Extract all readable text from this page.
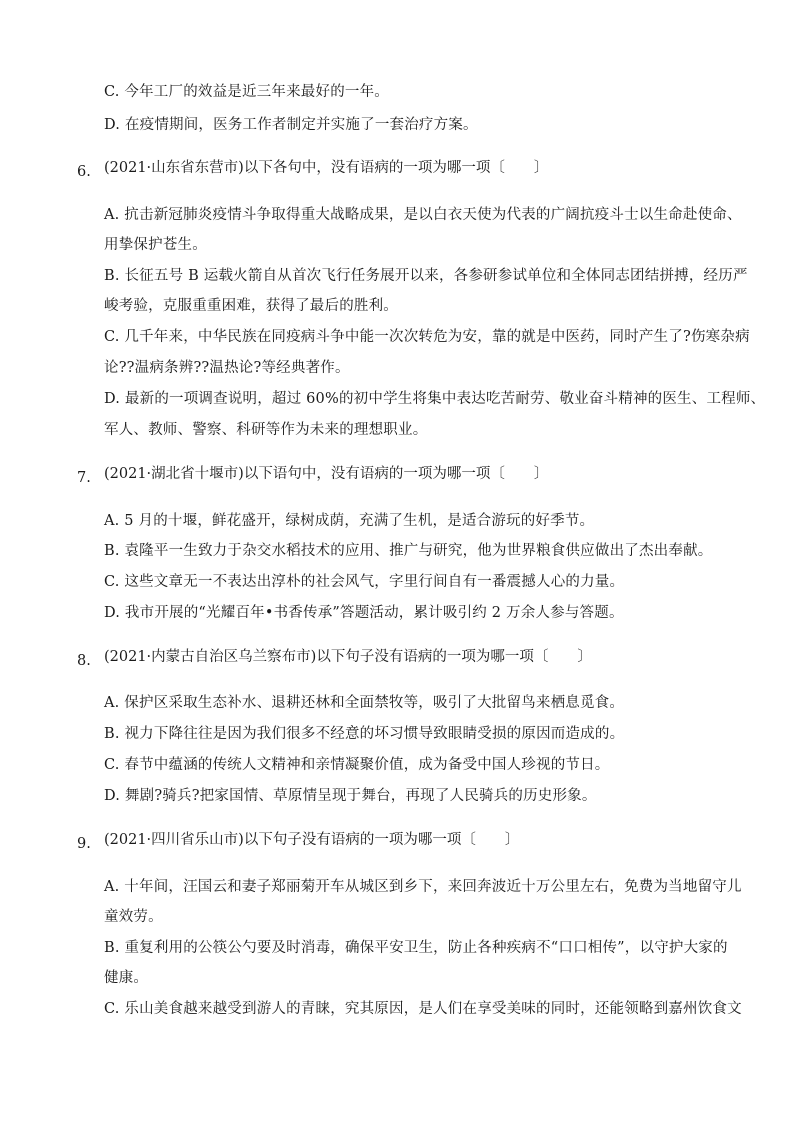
C. 今年工厂的效益是近三年来最好的一年。
D. 在疫情期间，医务工作者制定并实施了一套治疗方案。
6. (2021·山东省东营市)以下各句中，没有语病的一项为哪一项〔　　〕
A. 抗击新冠肺炎疫情斗争取得重大战略成果，是以白衣天使为代表的广阔抗疫斗士以生命赴使命、
用挚保护苍生。
B. 长征五号 B 运载火箭自从首次飞行任务展开以来，各参研参试单位和全体同志团结拼搏，经历严
峻考验，克服重重困难，获得了最后的胜利。
C. 几千年来，中华民族在同疫病斗争中能一次次转危为安，靠的就是中医药，同时产生了?伤寒杂病
论??温病条辨??温热论?等经典著作。
D. 最新的一项调查说明，超过 60%的初中学生将集中表达吃苦耐劳、敬业奋斗精神的医生、工程师、
军人、教师、警察、科研等作为未来的理想职业。
7. (2021·湖北省十堰市)以下语句中，没有语病的一项为哪一项〔　　〕
A. 5 月的十堰，鲜花盛开，绿树成荫，充满了生机，是适合游玩的好季节。
B. 袁隆平一生致力于杂交水稻技术的应用、推广与研究，他为世界粮食供应做出了杰出奉献。
C. 这些文章无一不表达出淳朴的社会风气，字里行间自有一番震撼人心的力量。
D. 我市开展的“光耀百年•书香传承”答题活动，累计吸引约 2 万余人参与答题。
8. (2021·内蒙古自治区乌兰察布市)以下句子没有语病的一项为哪一项〔　　〕
A. 保护区采取生态补水、退耕还林和全面禁牧等，吸引了大批留鸟来栖息觅食。
B. 视力下降往往是因为我们很多不经意的坏习惯导致眼睛受损的原因而造成的。
C. 春节中蕴涵的传统人文精神和亲情凝聚价值，成为备受中国人珍视的节日。
D. 舞剧?骑兵?把家国情、草原情呈现于舞台，再现了人民骑兵的历史形象。
9. (2021·四川省乐山市)以下句子没有语病的一项为哪一项〔　　〕
A. 十年间，汪国云和妻子郑丽菊开车从城区到乡下，来回奔波近十万公里左右，免费为当地留守儿
童效劳。
B. 重复利用的公筷公勺要及时消毒，确保平安卫生，防止各种疾病不“口口相传”，以守护大家的
健康。
C. 乐山美食越来越受到游人的青睐，究其原因，是人们在享受美味的同时，还能领略到嘉州饮食文
